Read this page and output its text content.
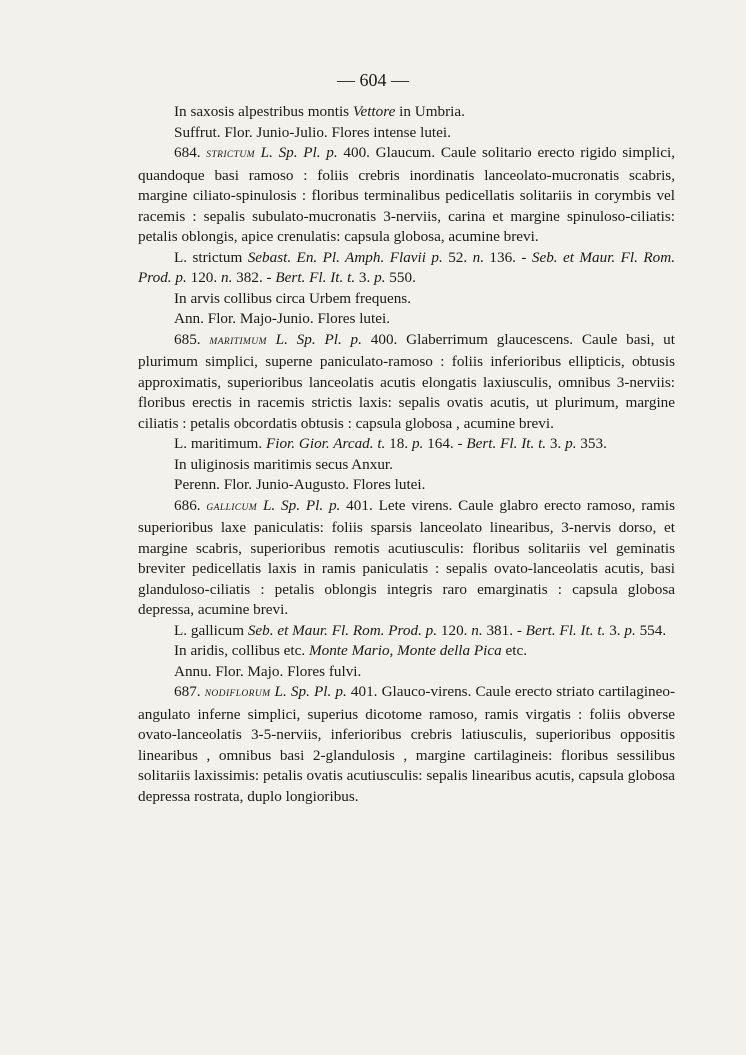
— 604 —

In saxosis alpestribus montis Vettore in Umbria.

Suffrut. Flor. Junio-Julio. Flores intense lutei.

684. STRICTUM L. Sp. Pl. p. 400. Glaucum. Caule solitario erecto rigido simplici, quandoque basi ramoso : foliis crebris inordinatis lanceolato-mucronatis scabris, margine ciliato-spinulosis : floribus terminalibus pedicellatis solitariis in corymbis vel racemis : sepalis subulato-mucronatis 3-nerviis, carina et margine spinuloso-ciliatis: petalis oblongis, apice crenulatis: capsula globosa, acumine brevi.

L. strictum Sebast. En. Pl. Amph. Flavii p. 52. n. 136. - Seb. et Maur. Fl. Rom. Prod. p. 120. n. 382. - Bert. Fl. It. t. 3. p. 550.

In arvis collibus circa Urbem frequens.

Ann. Flor. Majo-Junio. Flores lutei.

685. MARITIMUM L. Sp. Pl. p. 400. Glaberrimum glaucescens. Caule basi, ut plurimum simplici, superne paniculato-ramoso : foliis inferioribus ellipticis, obtusis approximatis, superioribus lanceolatis acutis elongatis laxiusculis, omnibus 3-nerviis: floribus erectis in racemis strictis laxis: sepalis ovatis acutis, ut plurimum, margine ciliatis : petalis obcordatis obtusis : capsula globosa , acumine brevi.

L. maritimum. Fior. Gior. Arcad. t. 18. p. 164. - Bert. Fl. It. t. 3. p. 353.

In uliginosis maritimis secus Anxur.

Perenn. Flor. Junio-Augusto. Flores lutei.

686. GALLICUM L. Sp. Pl. p. 401. Lete virens. Caule glabro erecto ramoso, ramis superioribus laxe paniculatis: foliis sparsis lanceolato linearibus, 3-nervis dorso, et margine scabris, superioribus remotis acutiusculis: floribus solitariis vel geminatis breviter pedicellatis laxis in ramis paniculatis : sepalis ovato-lanceolatis acutis, basi glanduloso-ciliatis : petalis oblongis integris raro emarginatis : capsula globosa depressa, acumine brevi.

L. gallicum Seb. et Maur. Fl. Rom. Prod. p. 120. n. 381. - Bert. Fl. It. t. 3. p. 554.

In aridis, collibus etc. Monte Mario, Monte della Pica etc.

Annu. Flor. Majo. Flores fulvi.

687. NODIFLORUM L. Sp. Pl. p. 401. Glauco-virens. Caule erecto striato cartilagineo-angulato inferne simplici, superius dicotome ramoso, ramis virgatis : foliis obverse ovato-lanceolatis 3-5-nerviis, inferioribus crebris latiusculis, superioribus oppositis linearibus , omnibus basi 2-glandulosis , margine cartilagineis: floribus sessilibus solitariis laxissimis: petalis ovatis acutiusculis: sepalis linearibus acutis, capsula globosa depressa rostrata, duplo longioribus.
